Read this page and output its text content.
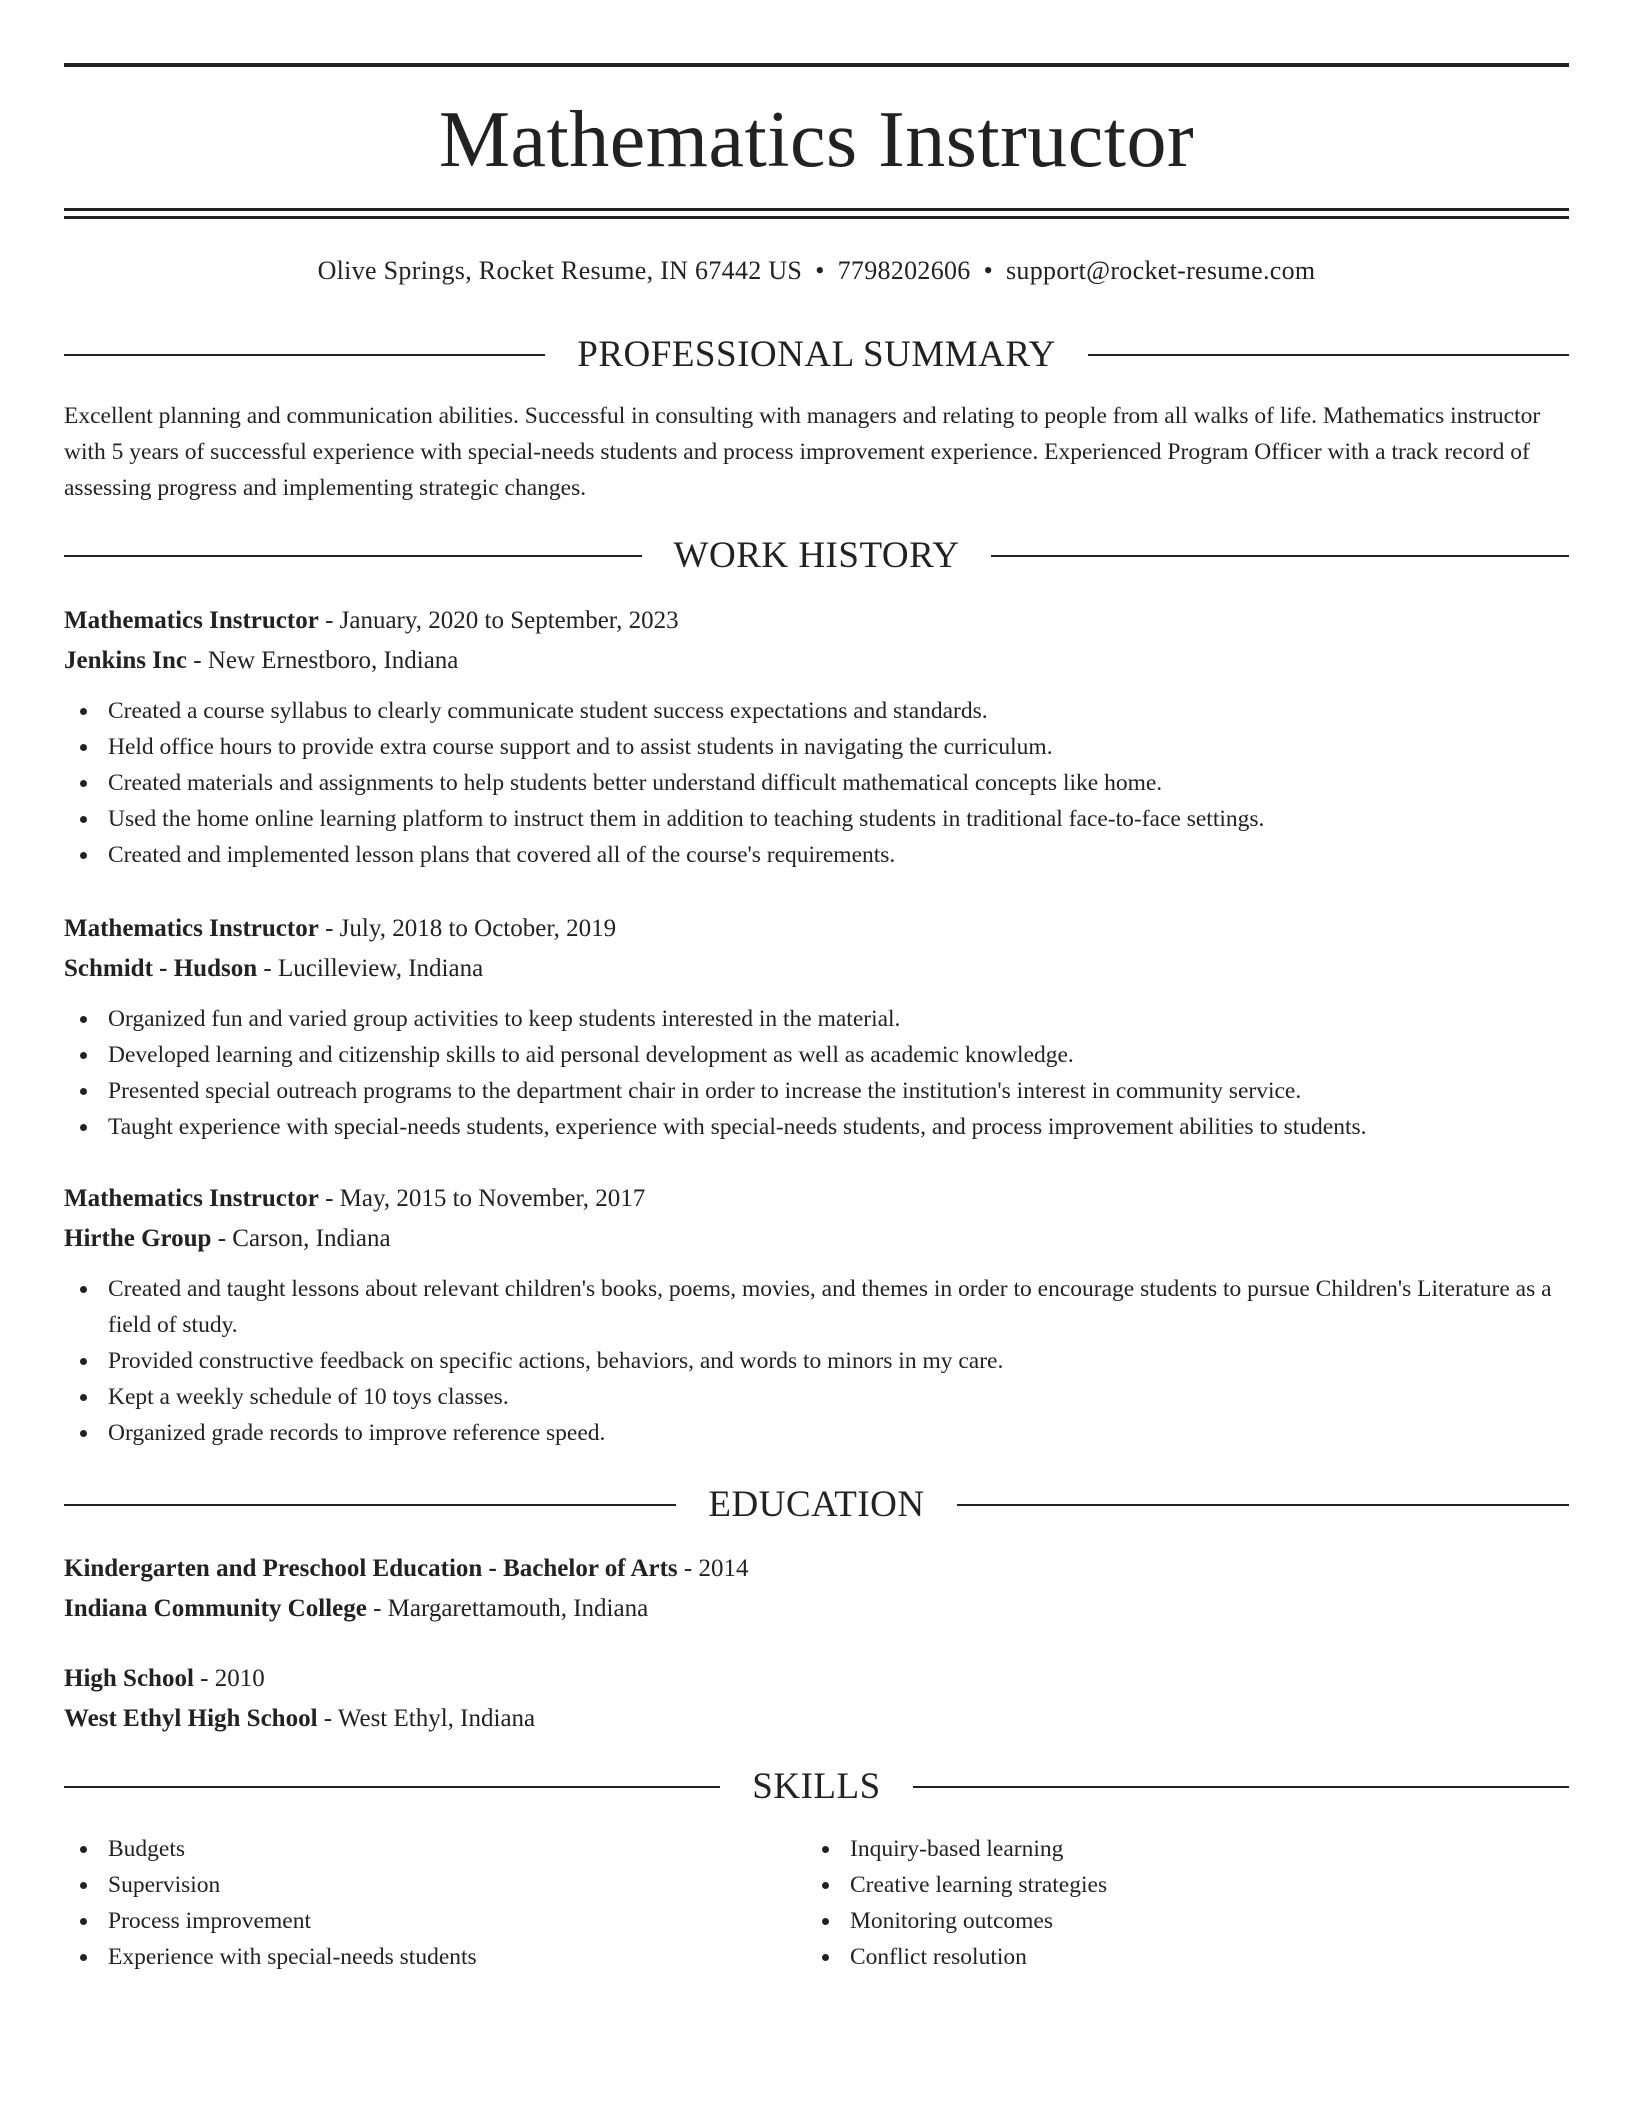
Mathematics Instructor
Olive Springs, Rocket Resume, IN 67442 US • 7798202606 • support@rocket-resume.com
PROFESSIONAL SUMMARY
Excellent planning and communication abilities. Successful in consulting with managers and relating to people from all walks of life. Mathematics instructor with 5 years of successful experience with special-needs students and process improvement experience. Experienced Program Officer with a track record of assessing progress and implementing strategic changes.
WORK HISTORY
Mathematics Instructor - January, 2020 to September, 2023
Jenkins Inc - New Ernestboro, Indiana
Created a course syllabus to clearly communicate student success expectations and standards.
Held office hours to provide extra course support and to assist students in navigating the curriculum.
Created materials and assignments to help students better understand difficult mathematical concepts like home.
Used the home online learning platform to instruct them in addition to teaching students in traditional face-to-face settings.
Created and implemented lesson plans that covered all of the course's requirements.
Mathematics Instructor - July, 2018 to October, 2019
Schmidt - Hudson - Lucilleview, Indiana
Organized fun and varied group activities to keep students interested in the material.
Developed learning and citizenship skills to aid personal development as well as academic knowledge.
Presented special outreach programs to the department chair in order to increase the institution's interest in community service.
Taught experience with special-needs students, experience with special-needs students, and process improvement abilities to students.
Mathematics Instructor - May, 2015 to November, 2017
Hirthe Group - Carson, Indiana
Created and taught lessons about relevant children's books, poems, movies, and themes in order to encourage students to pursue Children's Literature as a field of study.
Provided constructive feedback on specific actions, behaviors, and words to minors in my care.
Kept a weekly schedule of 10 toys classes.
Organized grade records to improve reference speed.
EDUCATION
Kindergarten and Preschool Education - Bachelor of Arts - 2014
Indiana Community College - Margarettamouth, Indiana
High School - 2010
West Ethyl High School - West Ethyl, Indiana
SKILLS
Budgets
Supervision
Process improvement
Experience with special-needs students
Inquiry-based learning
Creative learning strategies
Monitoring outcomes
Conflict resolution
